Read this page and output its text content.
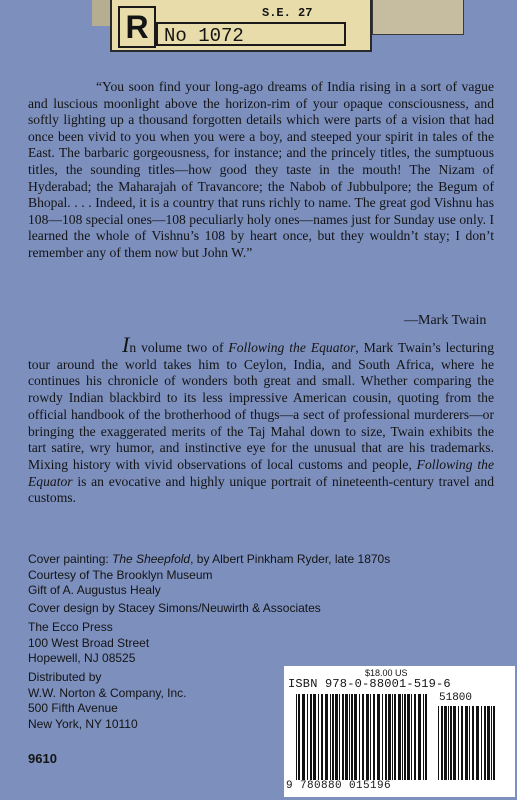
R	S.E. 27
No 1072

“You soon find your long-ago dreams of India rising in a sort of vague and luscious moonlight above the horizon-rim of your opaque consciousness, and softly lighting up a thousand forgotten details which were parts of a vision that had once been vivid to you when you were a boy, and steeped your spirit in tales of the East. The barbaric gorgeousness, for instance; and the princely titles, the sumptuous titles, the sounding titles—how good they taste in the mouth! The Nizam of Hyderabad; the Maharajah of Travancore; the Nabob of Jubbulpore; the Begum of Bhopal. . . . Indeed, it is a country that runs richly to name. The great god Vishnu has 108—108 special ones—108 peculiarly holy ones—names just for Sunday use only. I learned the whole of Vishnu’s 108 by heart once, but they wouldn’t stay; I don’t remember any of them now but John W.”

—Mark Twain

In volume two of Following the Equator, Mark Twain’s lecturing tour around the world takes him to Ceylon, India, and South Africa, where he continues his chronicle of wonders both great and small. Whether comparing the rowdy Indian blackbird to its less impressive American cousin, quoting from the official handbook of the brotherhood of thugs—a sect of professional murderers—or bringing the exaggerated merits of the Taj Mahal down to size, Twain exhibits the tart satire, wry humor, and instinctive eye for the unusual that are his trademarks. Mixing history with vivid observations of local customs and people, Following the Equator is an evocative and highly unique portrait of nineteenth-century travel and customs.

Cover painting: The Sheepfold, by Albert Pinkham Ryder, late 1870s
Courtesy of The Brooklyn Museum
Gift of A. Augustus Healy
Cover design by Stacey Simons/Neuwirth & Associates
The Ecco Press
100 West Broad Street
Hopewell, NJ 08525
Distributed by
W.W. Norton & Company, Inc.
500 Fifth Avenue
New York, NY 10110
9610
$18.00 US
ISBN 978-0-88001-519-6
51800
9 780880 015196
